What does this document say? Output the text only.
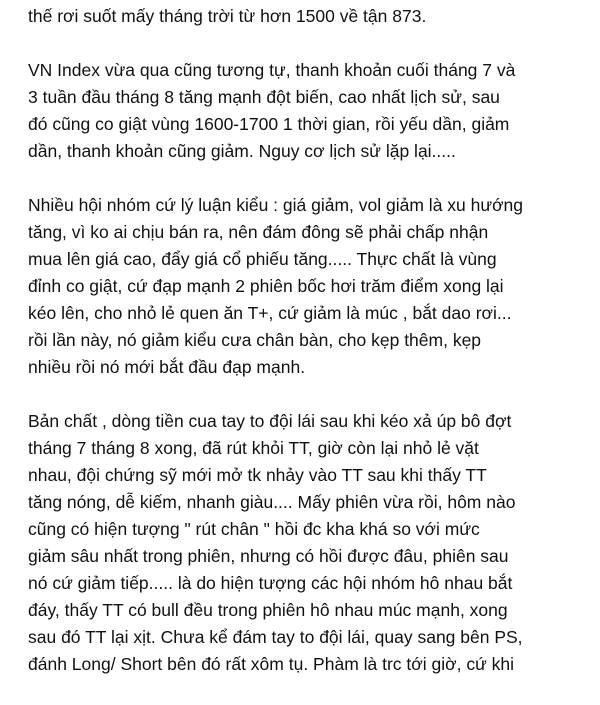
thế rơi suốt mấy tháng trời từ hơn 1500 về tận 873.
VN Index vừa qua cũng tương tự, thanh khoản cuối tháng 7 và
3 tuần đầu tháng 8 tăng mạnh đột biến, cao nhất lịch sử, sau
đó cũng co giật vùng 1600-1700 1 thời gian, rồi yếu dần, giảm
dần, thanh khoản cũng giảm. Nguy cơ lịch sử lặp lại.....
Nhiều hội nhóm cứ lý luận kiểu : giá giảm, vol giảm là xu hướng
tăng, vì ko ai chịu bán ra, nên đám đông sẽ phải chấp nhận
mua lên giá cao, đẩy giá cổ phiếu tăng..... Thực chất là vùng
đỉnh co giật, cứ đạp mạnh 2 phiên bốc hơi trăm điểm xong lại
kéo lên, cho nhỏ lẻ quen ăn T+, cứ giảm là múc , bắt dao rơi...
rồi lần này, nó giảm kiểu cưa chân bàn, cho kẹp thêm, kẹp
nhiều rồi nó mới bắt đầu đạp mạnh.
Bản chất , dòng tiền cua tay to đội lái sau khi kéo xả úp bô đợt
tháng 7 tháng 8 xong, đã rút khỏi TT, giờ còn lại nhỏ lẻ vặt
nhau, đội chứng sỹ mới mở tk nhảy vào TT sau khi thấy TT
tăng nóng, dễ kiếm, nhanh giàu.... Mấy phiên vừa rồi, hôm nào
cũng có hiện tượng " rút chân " hồi đc kha khá so với mức
giảm sâu nhất trong phiên, nhưng có hồi được đâu, phiên sau
nó cứ giảm tiếp..... là do hiện tượng các hội nhóm hô nhau bắt
đáy, thấy TT có bull đều trong phiên hô nhau múc mạnh, xong
sau đó TT lại xịt. Chưa kể đám tay to đội lái, quay sang bên PS,
đánh Long/ Short bên đó rất xôm tụ. Phàm là trc tới giờ, cứ khi
